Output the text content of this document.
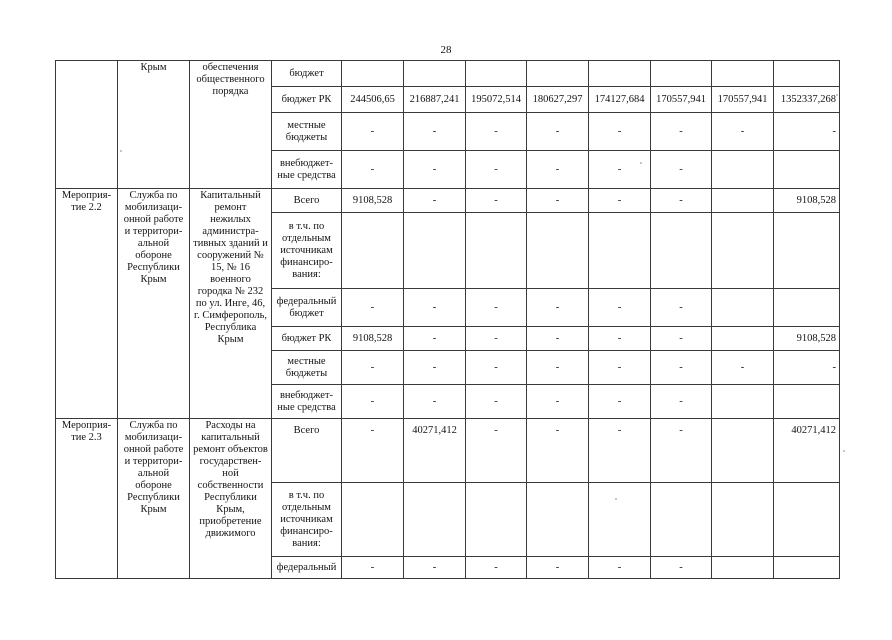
28
	Крым	обеспечения общественного порядка	бюджет								
			бюджет РК	244506,65	216887,241	195072,514	180627,297	174127,684	170557,941	170557,941	1352337,268
			местные бюджеты	-	-	-	-	-	-	-	-
			внебюджет-ные средства	-	-	-	-	-	-		
Мероприя-тие 2.2	Служба по мобилизаци-онной работе и территори-альной обороне Республики Крым	Капитальный ремонт нежилых администра-тивных зданий и сооружений № 15, № 16 военного городка № 232 по ул. Инге, 46, г. Симферополь, Республика Крым	Всего	9108,528	-	-	-	-	-		9108,528
			в т.ч. по отдельным источникам финансиро-вания:								
			федеральный бюджет	-	-	-	-	-	-		
			бюджет РК	9108,528	-	-	-	-	-		9108,528
			местные бюджеты	-	-	-	-	-	-	-	-
			внебюджет-ные средства	-	-	-	-	-	-		
Мероприя-тие 2.3	Служба по мобилизаци-онной работе и территори-альной обороне Республики Крым	Расходы на капитальный ремонт объектов государствен-ной собственности Республики Крым, приобретение движимого	Всего	-	40271,412	-	-	-	-		40271,412
			в т.ч. по отдельным источникам финансиро-вания:								
			федеральный	-	-	-	-	-	-		
